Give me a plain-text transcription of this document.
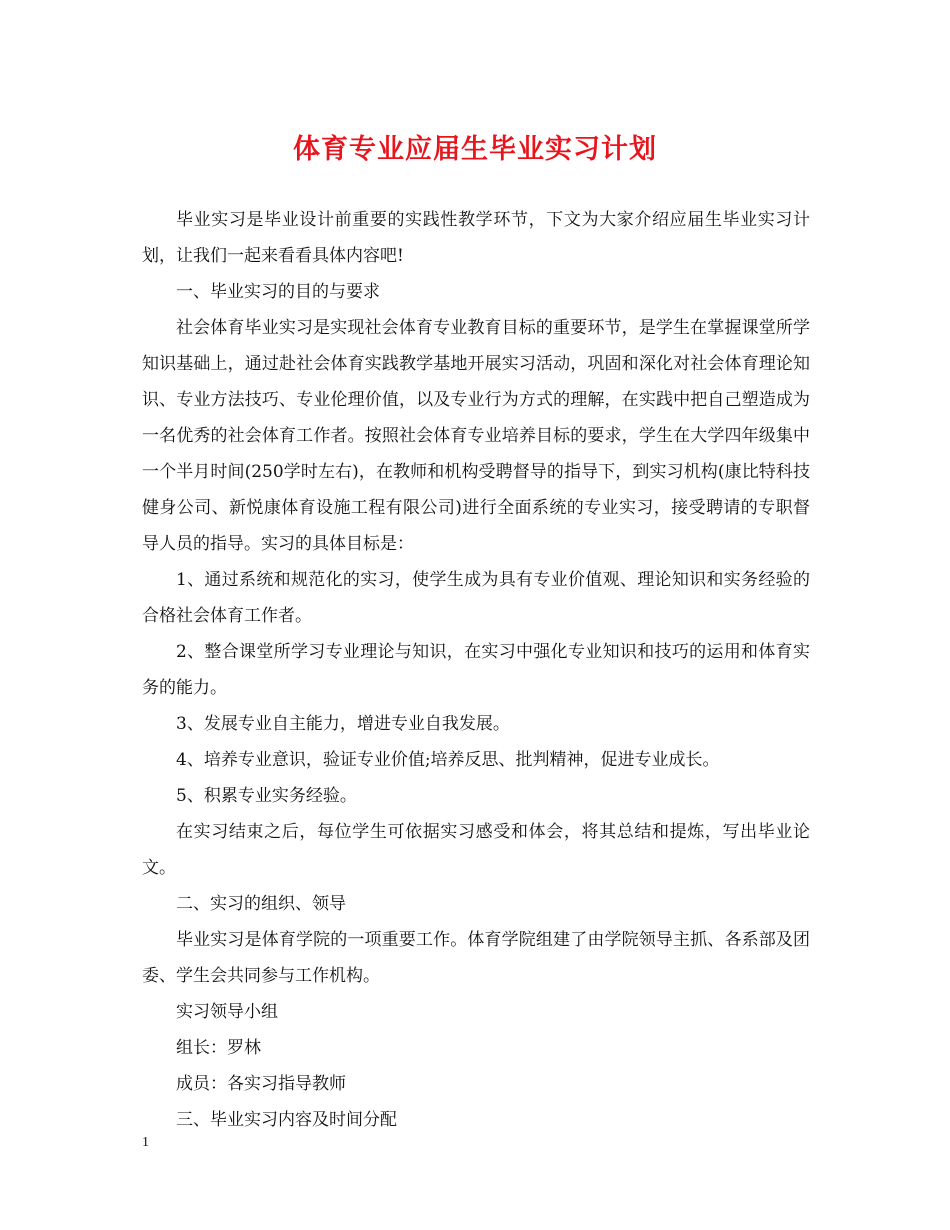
体育专业应届生毕业实习计划

毕业实习是毕业设计前重要的实践性教学环节，下文为大家介绍应届生毕业实习计划，让我们一起来看看具体内容吧!

一、毕业实习的目的与要求

社会体育毕业实习是实现社会体育专业教育目标的重要环节，是学生在掌握课堂所学知识基础上，通过赴社会体育实践教学基地开展实习活动，巩固和深化对社会体育理论知识、专业方法技巧、专业伦理价值，以及专业行为方式的理解，在实践中把自己塑造成为一名优秀的社会体育工作者。按照社会体育专业培养目标的要求，学生在大学四年级集中一个半月时间(250学时左右)，在教师和机构受聘督导的指导下，到实习机构(康比特科技健身公司、新悦康体育设施工程有限公司)进行全面系统的专业实习，接受聘请的专职督导人员的指导。实习的具体目标是：

1、通过系统和规范化的实习，使学生成为具有专业价值观、理论知识和实务经验的合格社会体育工作者。

2、整合课堂所学习专业理论与知识，在实习中强化专业知识和技巧的运用和体育实务的能力。

3、发展专业自主能力，增进专业自我发展。

4、培养专业意识，验证专业价值;培养反思、批判精神，促进专业成长。

5、积累专业实务经验。

在实习结束之后，每位学生可依据实习感受和体会，将其总结和提炼，写出毕业论文。

二、实习的组织、领导

毕业实习是体育学院的一项重要工作。体育学院组建了由学院领导主抓、各系部及团委、学生会共同参与工作机构。

实习领导小组

组长：罗林

成员：各实习指导教师

三、毕业实习内容及时间分配

1
